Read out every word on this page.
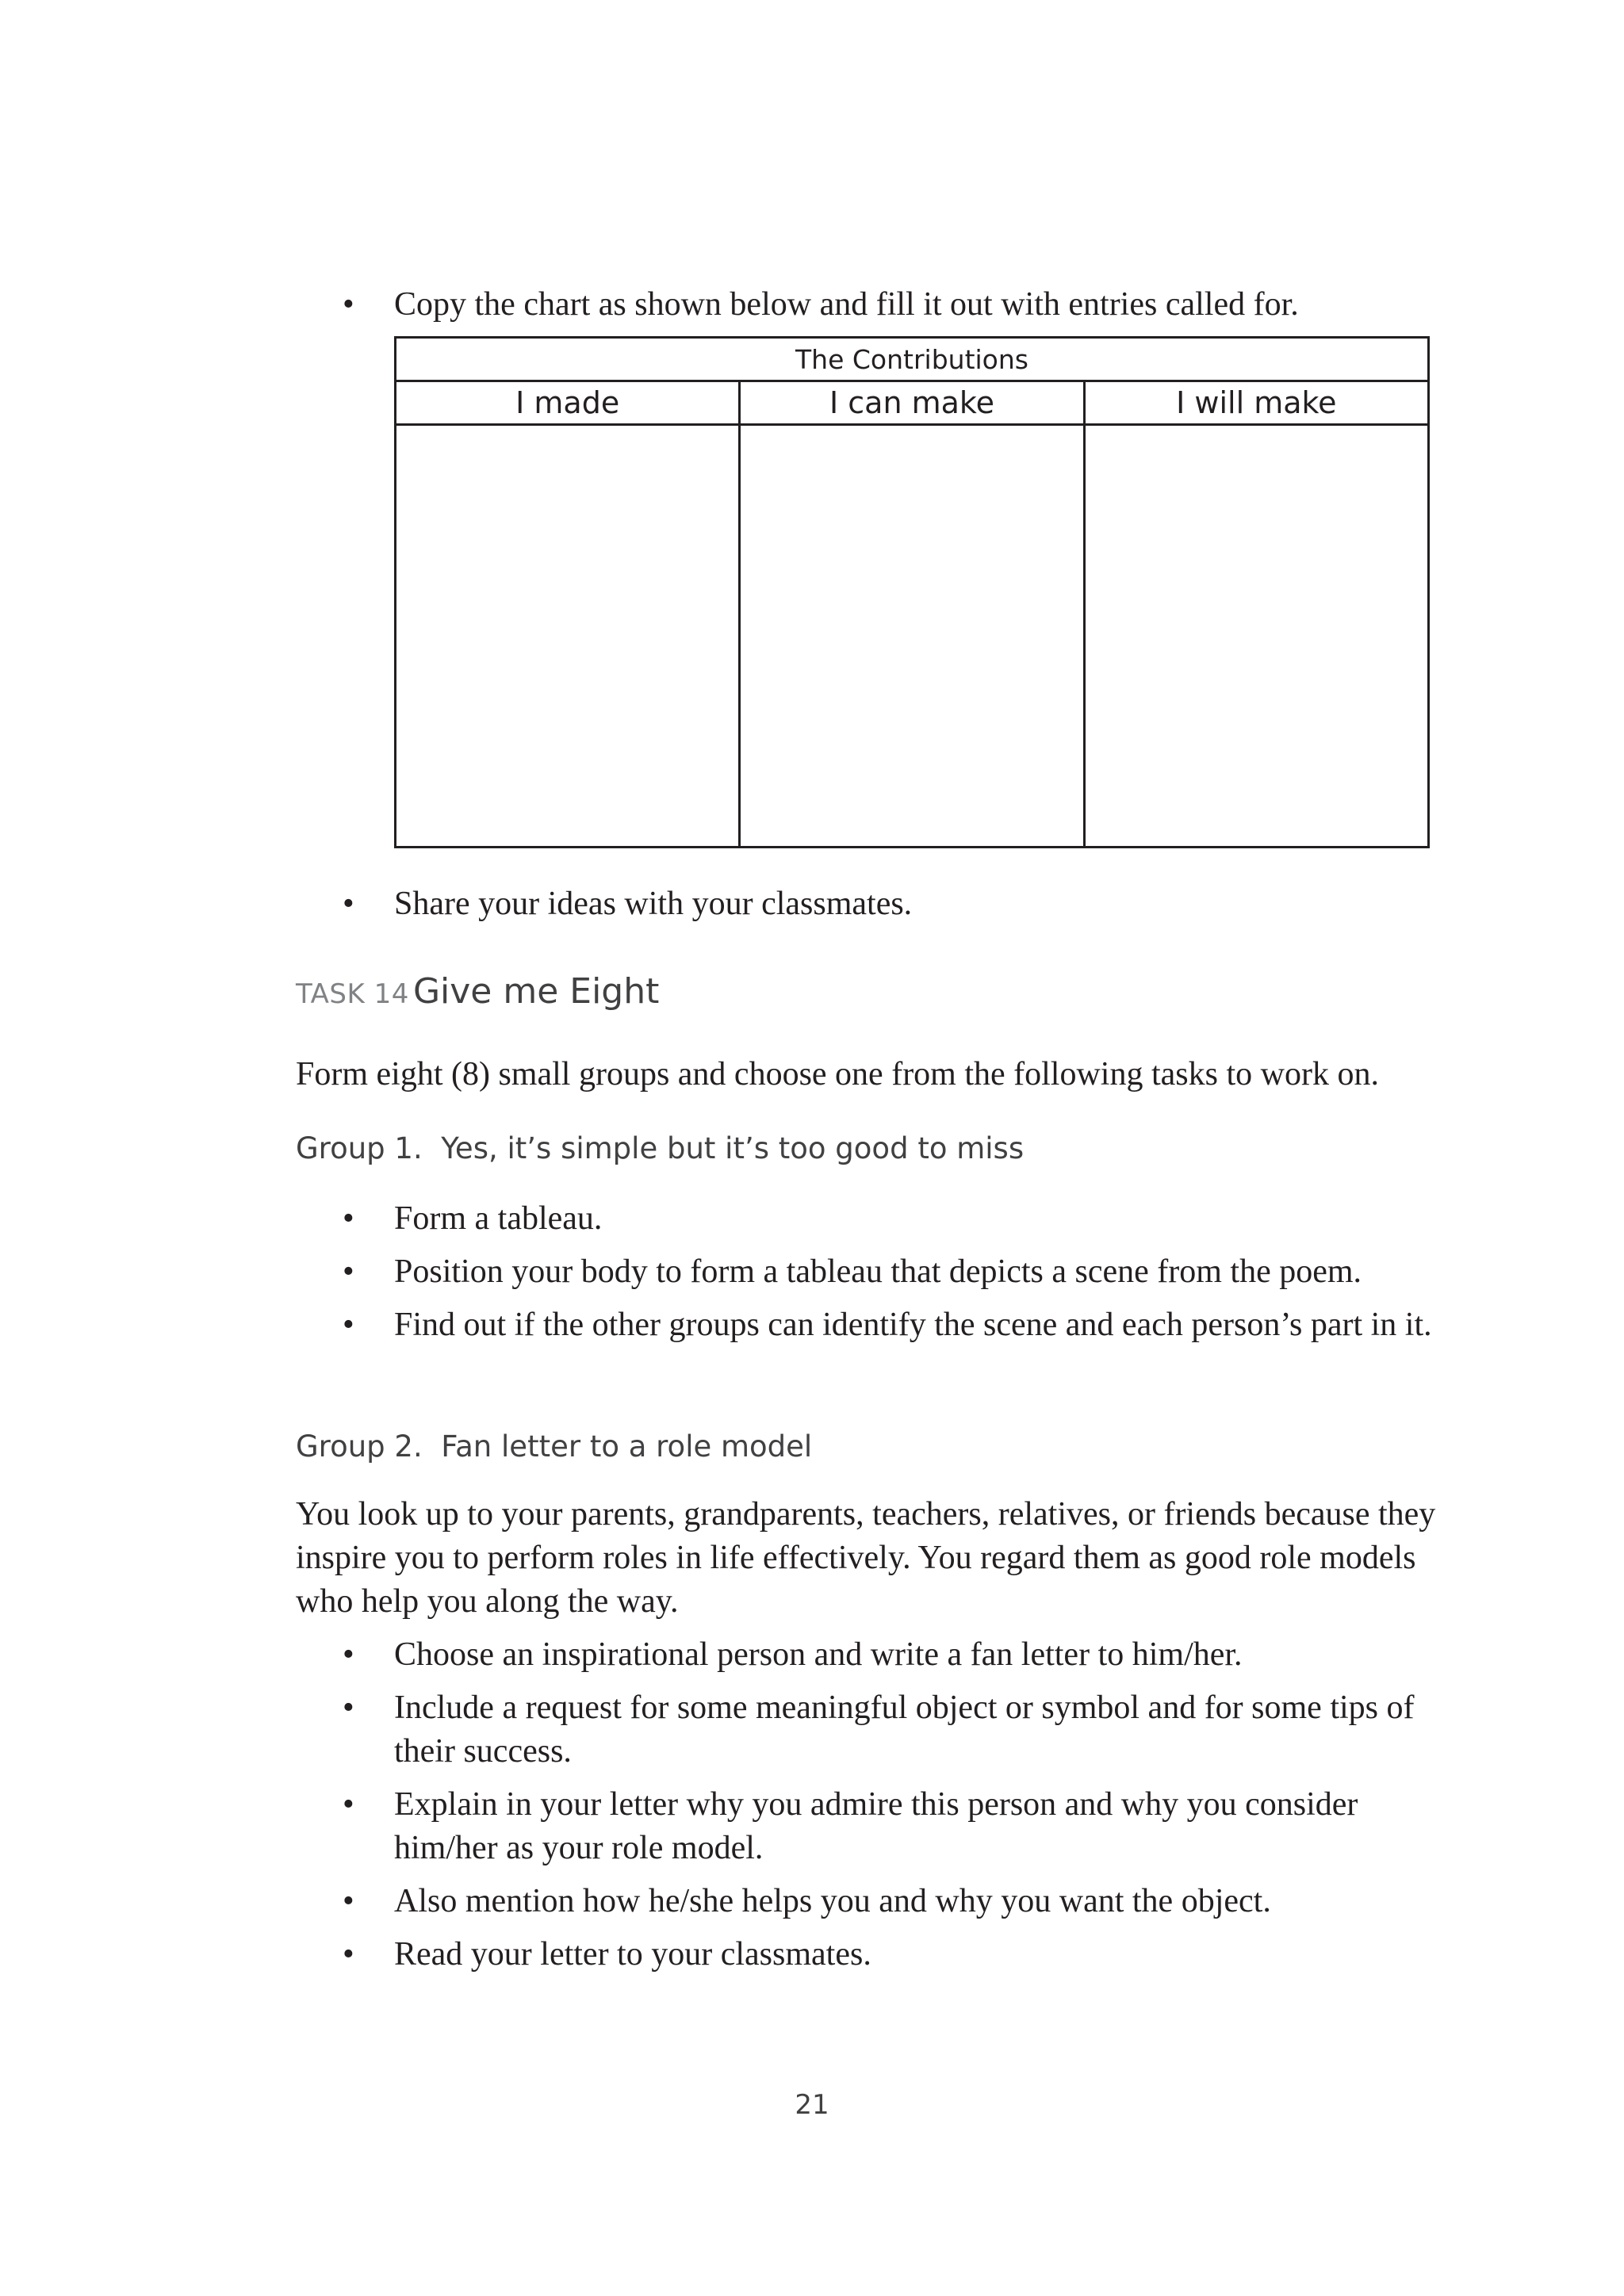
• Copy the chart as shown below and fill it out with entries called for.
The Contributions		
I made	I can make	I will make

• Share your ideas with your classmates.

TASK 14 Give me Eight

Form eight (8) small groups and choose one from the following tasks to work on.

Group 1. Yes, it’s simple but it’s too good to miss

• Form a tableau.
• Position your body to form a tableau that depicts a scene from the poem.
• Find out if the other groups can identify the scene and each person’s part in it.

Group 2. Fan letter to a role model

You look up to your parents, grandparents, teachers, relatives, or friends because they inspire you to perform roles in life effectively. You regard them as good role models who help you along the way.

• Choose an inspirational person and write a fan letter to him/her.
• Include a request for some meaningful object or symbol and for some tips of their success.
• Explain in your letter why you admire this person and why you consider him/her as your role model.
• Also mention how he/she helps you and why you want the object.
• Read your letter to your classmates.

21
